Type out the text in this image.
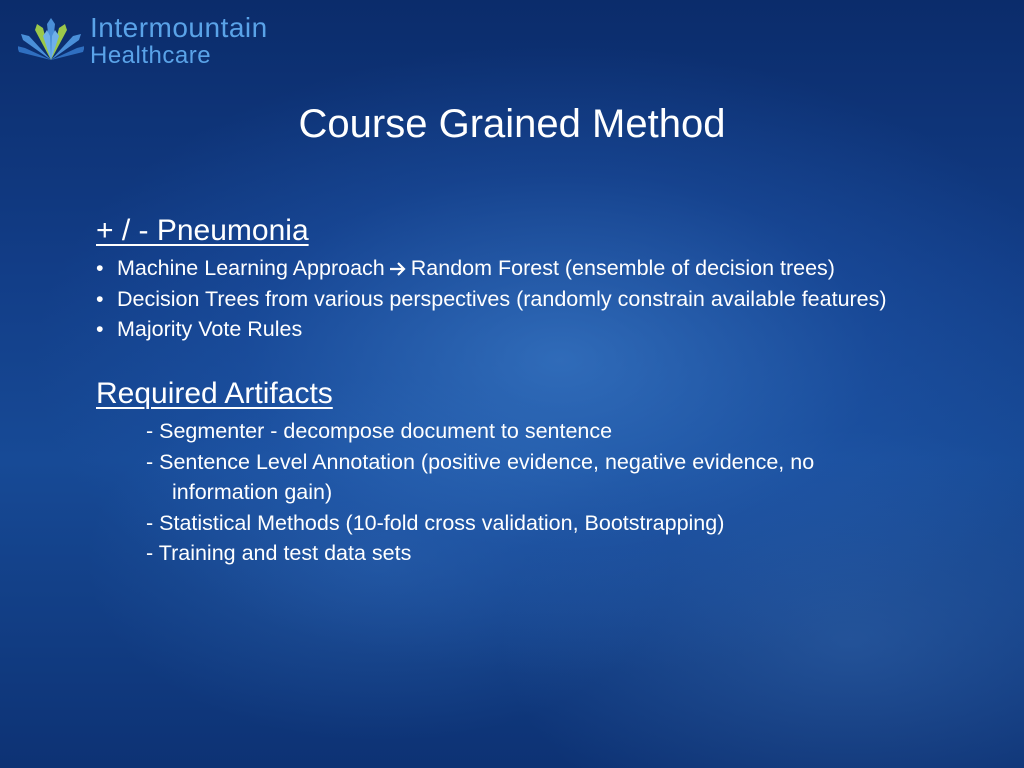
Intermountain
Healthcare
Course Grained Method
+ / - Pneumonia
• Machine Learning Approach Random Forest (ensemble of decision trees)
• Decision Trees from various perspectives (randomly constrain available features)
• Majority Vote Rules
Required Artifacts
- Segmenter - decompose document to sentence
- Sentence Level Annotation (positive evidence, negative evidence, no
information gain)
- Statistical Methods (10-fold cross validation, Bootstrapping)
- Training and test data sets
